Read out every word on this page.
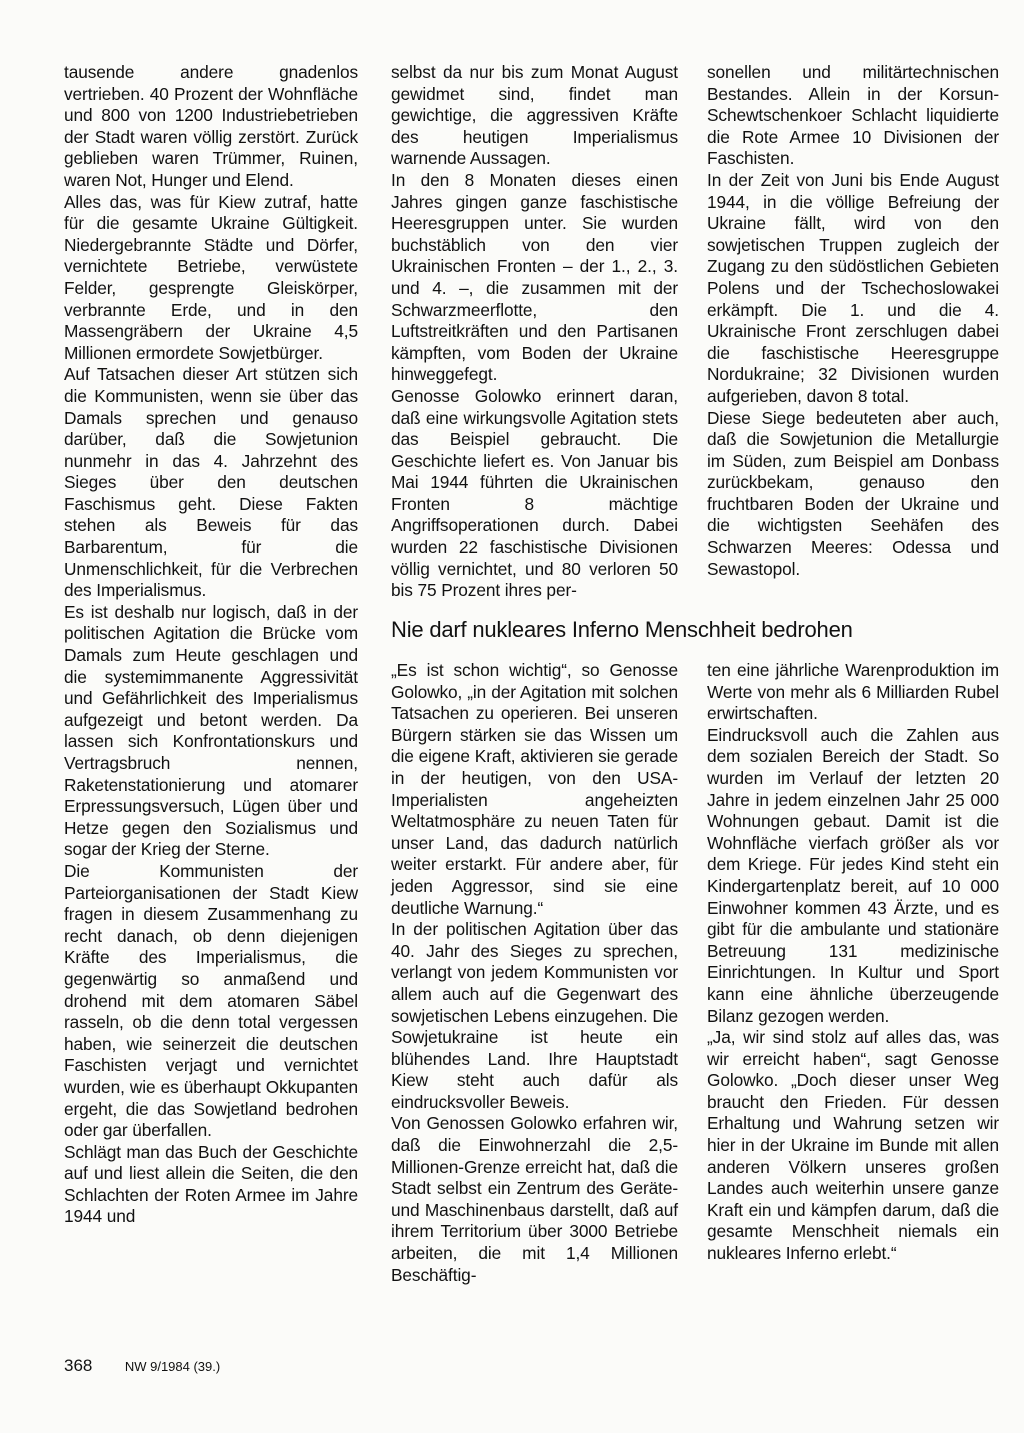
tausende andere gnadenlos vertrieben. 40 Prozent der Wohnfläche und 800 von 1200 Industriebetrieben der Stadt waren völlig zerstört. Zurück geblieben waren Trümmer, Ruinen, waren Not, Hunger und Elend.

Alles das, was für Kiew zutraf, hatte für die gesamte Ukraine Gültigkeit. Niedergebrannte Städte und Dörfer, vernichtete Betriebe, verwüstete Felder, gesprengte Gleiskörper, verbrannte Erde, und in den Massengräbern der Ukraine 4,5 Millionen ermordete Sowjetbürger.

Auf Tatsachen dieser Art stützen sich die Kommunisten, wenn sie über das Damals sprechen und genauso darüber, daß die Sowjetunion nunmehr in das 4. Jahrzehnt des Sieges über den deutschen Faschismus geht. Diese Fakten stehen als Beweis für das Barbarentum, für die Unmenschlichkeit, für die Verbrechen des Imperialismus.

Es ist deshalb nur logisch, daß in der politischen Agitation die Brücke vom Damals zum Heute geschlagen und die systemimmanente Aggressivität und Gefährlichkeit des Imperialismus aufgezeigt und betont werden. Da lassen sich Konfrontationskurs und Vertragsbruch nennen, Raketenstationierung und atomarer Erpressungsversuch, Lügen über und Hetze gegen den Sozialismus und sogar der Krieg der Sterne.

Die Kommunisten der Parteiorganisationen der Stadt Kiew fragen in diesem Zusammenhang zu recht danach, ob denn diejenigen Kräfte des Imperialismus, die gegenwärtig so anmaßend und drohend mit dem atomaren Säbel rasseln, ob die denn total vergessen haben, wie seinerzeit die deutschen Faschisten verjagt und vernichtet wurden, wie es überhaupt Okkupanten ergeht, die das Sowjetland bedrohen oder gar überfallen.

Schlägt man das Buch der Geschichte auf und liest allein die Seiten, die den Schlachten der Roten Armee im Jahre 1944 und

selbst da nur bis zum Monat August gewidmet sind, findet man gewichtige, die aggressiven Kräfte des heutigen Imperialismus warnende Aussagen.

In den 8 Monaten dieses einen Jahres gingen ganze faschistische Heeresgruppen unter. Sie wurden buchstäblich von den vier Ukrainischen Fronten – der 1., 2., 3. und 4. –, die zusammen mit der Schwarzmeerflotte, den Luftstreitkräften und den Partisanen kämpften, vom Boden der Ukraine hinweggefegt.

Genosse Golowko erinnert daran, daß eine wirkungsvolle Agitation stets das Beispiel gebraucht. Die Geschichte liefert es. Von Januar bis Mai 1944 führten die Ukrainischen Fronten 8 mächtige Angriffsoperationen durch. Dabei wurden 22 faschistische Divisionen völlig vernichtet, und 80 verloren 50 bis 75 Prozent ihres per-

sonellen und militärtechnischen Bestandes. Allein in der Korsun-Schewtschenkoer Schlacht liquidierte die Rote Armee 10 Divisionen der Faschisten.

In der Zeit von Juni bis Ende August 1944, in die völlige Befreiung der Ukraine fällt, wird von den sowjetischen Truppen zugleich der Zugang zu den südöstlichen Gebieten Polens und der Tschechoslowakei erkämpft. Die 1. und die 4. Ukrainische Front zerschlugen dabei die faschistische Heeresgruppe Nordukraine; 32 Divisionen wurden aufgerieben, davon 8 total.

Diese Siege bedeuteten aber auch, daß die Sowjetunion die Metallurgie im Süden, zum Beispiel am Donbass zurückbekam, genauso den fruchtbaren Boden der Ukraine und die wichtigsten Seehäfen des Schwarzen Meeres: Odessa und Sewastopol.

Nie darf nukleares Inferno Menschheit bedrohen

„Es ist schon wichtig“, so Genosse Golowko, „in der Agitation mit solchen Tatsachen zu operieren. Bei unseren Bürgern stärken sie das Wissen um die eigene Kraft, aktivieren sie gerade in der heutigen, von den USA-Imperialisten angeheizten Weltatmosphäre zu neuen Taten für unser Land, das dadurch natürlich weiter erstarkt. Für andere aber, für jeden Aggressor, sind sie eine deutliche Warnung.“

In der politischen Agitation über das 40. Jahr des Sieges zu sprechen, verlangt von jedem Kommunisten vor allem auch auf die Gegenwart des sowjetischen Lebens einzugehen. Die Sowjetukraine ist heute ein blühendes Land. Ihre Hauptstadt Kiew steht auch dafür als eindrucksvoller Beweis.

Von Genossen Golowko erfahren wir, daß die Einwohnerzahl die 2,5-Millionen-Grenze erreicht hat, daß die Stadt selbst ein Zentrum des Geräte- und Maschinenbaus darstellt, daß auf ihrem Territorium über 3000 Betriebe arbeiten, die mit 1,4 Millionen Beschäftig-

ten eine jährliche Warenproduktion im Werte von mehr als 6 Milliarden Rubel erwirtschaften.

Eindrucksvoll auch die Zahlen aus dem sozialen Bereich der Stadt. So wurden im Verlauf der letzten 20 Jahre in jedem einzelnen Jahr 25 000 Wohnungen gebaut. Damit ist die Wohnfläche vierfach größer als vor dem Kriege. Für jedes Kind steht ein Kindergartenplatz bereit, auf 10 000 Einwohner kommen 43 Ärzte, und es gibt für die ambulante und stationäre Betreuung 131 medizinische Einrichtungen. In Kultur und Sport kann eine ähnliche überzeugende Bilanz gezogen werden.

„Ja, wir sind stolz auf alles das, was wir erreicht haben“, sagt Genosse Golowko. „Doch dieser unser Weg braucht den Frieden. Für dessen Erhaltung und Wahrung setzen wir hier in der Ukraine im Bunde mit allen anderen Völkern unseres großen Landes auch weiterhin unsere ganze Kraft ein und kämpfen darum, daß die gesamte Menschheit niemals ein nukleares Inferno erlebt.“

368 NW 9/1984 (39.)
